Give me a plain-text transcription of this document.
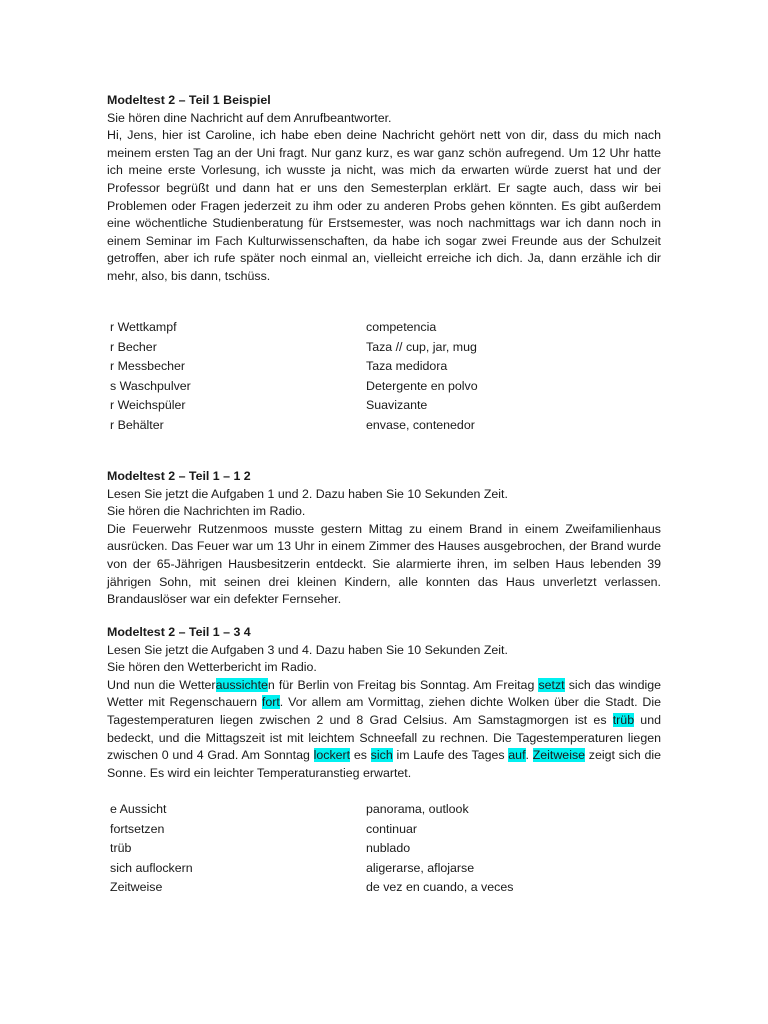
Modeltest 2 – Teil 1 Beispiel

Sie hören dine Nachricht auf dem Anrufbeantworter.

Hi, Jens, hier ist Caroline, ich habe eben deine Nachricht gehört nett von dir, dass du mich nach meinem ersten Tag an der Uni fragt. Nur ganz kurz, es war ganz schön aufregend. Um 12 Uhr hatte ich meine erste Vorlesung, ich wusste ja nicht, was mich da erwarten würde zuerst hat und der Professor begrüßt und dann hat er uns den Semesterplan erklärt. Er sagte auch, dass wir bei Problemen oder Fragen jederzeit zu ihm oder zu anderen Probs gehen könnten. Es gibt außerdem eine wöchentliche Studienberatung für Erstsemester, was noch nachmittags war ich dann noch in einem Seminar im Fach Kulturwissenschaften, da habe ich sogar zwei Freunde aus der Schulzeit getroffen, aber ich rufe später noch einmal an, vielleicht erreiche ich dich. Ja, dann erzähle ich dir mehr, also, bis dann, tschüss.

r Wettkampf	competencia
r Becher	Taza // cup, jar, mug
r Messbecher	Taza medidora
s Waschpulver	Detergente en polvo
r Weichspüler	Suavizante
r Behälter	envase, contenedor

Modeltest 2 – Teil 1 – 1 2

Lesen Sie jetzt die Aufgaben 1 und 2. Dazu haben Sie 10 Sekunden Zeit.

Sie hören die Nachrichten im Radio.

Die Feuerwehr Rutzenmoos musste gestern Mittag zu einem Brand in einem Zweifamilienhaus ausrücken. Das Feuer war um 13 Uhr in einem Zimmer des Hauses ausgebrochen, der Brand wurde von der 65-Jährigen Hausbesitzerin entdeckt. Sie alarmierte ihren, im selben Haus lebenden 39 jährigen Sohn, mit seinen drei kleinen Kindern, alle konnten das Haus unverletzt verlassen. Brandauslöser war ein defekter Fernseher.

Modeltest 2 – Teil 1 – 3 4

Lesen Sie jetzt die Aufgaben 3 und 4. Dazu haben Sie 10 Sekunden Zeit.

Sie hören den Wetterbericht im Radio.

Und nun die Wetteraussichten für Berlin von Freitag bis Sonntag. Am Freitag setzt sich das windige Wetter mit Regenschauern fort. Vor allem am Vormittag, ziehen dichte Wolken über die Stadt. Die Tagestemperaturen liegen zwischen 2 und 8 Grad Celsius. Am Samstagmorgen ist es trüb und bedeckt, und die Mittagszeit ist mit leichtem Schneefall zu rechnen. Die Tagestemperaturen liegen zwischen 0 und 4 Grad. Am Sonntag lockert es sich im Laufe des Tages auf. Zeitweise zeigt sich die Sonne. Es wird ein leichter Temperaturanstieg erwartet.

e Aussicht	panorama, outlook
fortsetzen	continuar
trüb	nublado
sich auflockern	aligerarse, aflojarse
Zeitweise	de vez en cuando, a veces
